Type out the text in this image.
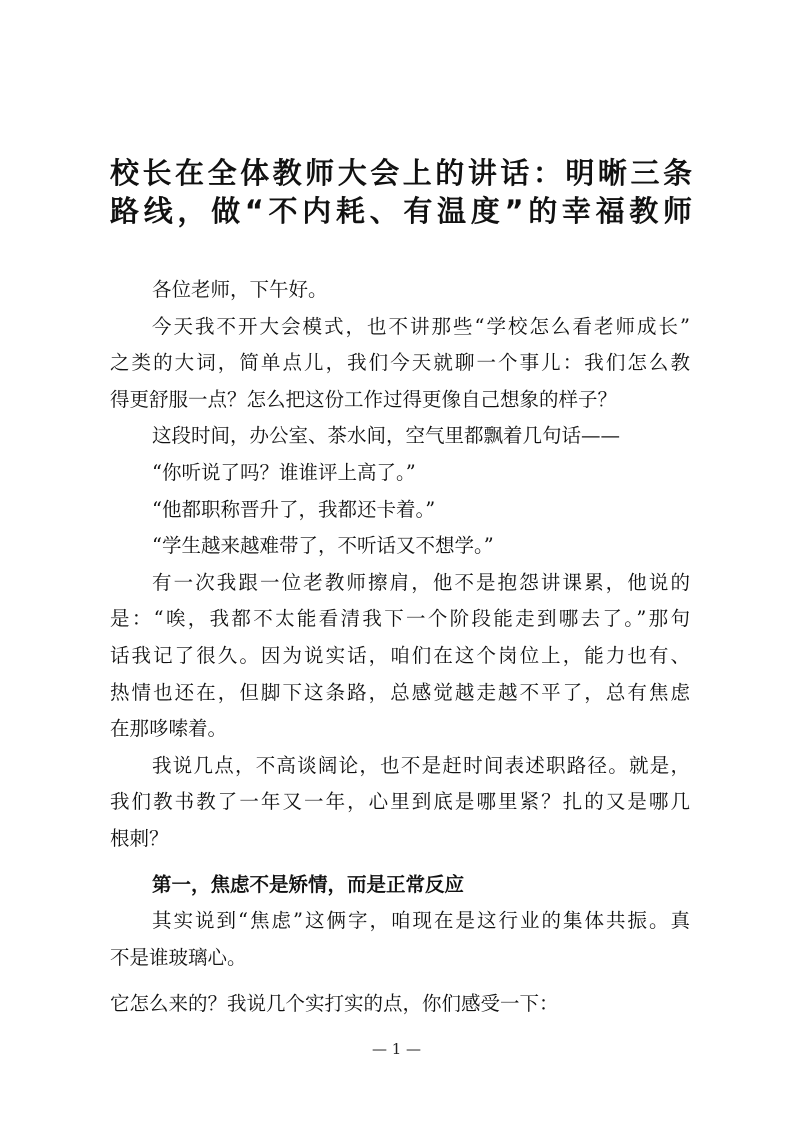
校长在全体教师大会上的讲话：明晰三条
路线，做“不内耗、有温度”的幸福教师
各位老师，下午好。
今天我不开大会模式，也不讲那些“学校怎么看老师成长”
之类的大词，简单点儿，我们今天就聊一个事儿：我们怎么教
得更舒服一点？怎么把这份工作过得更像自己想象的样子？
这段时间，办公室、茶水间，空气里都飘着几句话——
“你听说了吗？谁谁评上高了。”
“他都职称晋升了，我都还卡着。”
“学生越来越难带了，不听话又不想学。”
有一次我跟一位老教师擦肩，他不是抱怨讲课累，他说的
是：“唉，我都不太能看清我下一个阶段能走到哪去了。”那句
话我记了很久。因为说实话，咱们在这个岗位上，能力也有、
热情也还在，但脚下这条路，总感觉越走越不平了，总有焦虑
在那哆嗦着。
我说几点，不高谈阔论，也不是赶时间表述职路径。就是，
我们教书教了一年又一年，心里到底是哪里紧？扎的又是哪几
根刺？
第一，焦虑不是矫情，而是正常反应
其实说到“焦虑”这俩字，咱现在是这行业的集体共振。真
不是谁玻璃心。
它怎么来的？我说几个实打实的点，你们感受一下：
— 1 —
